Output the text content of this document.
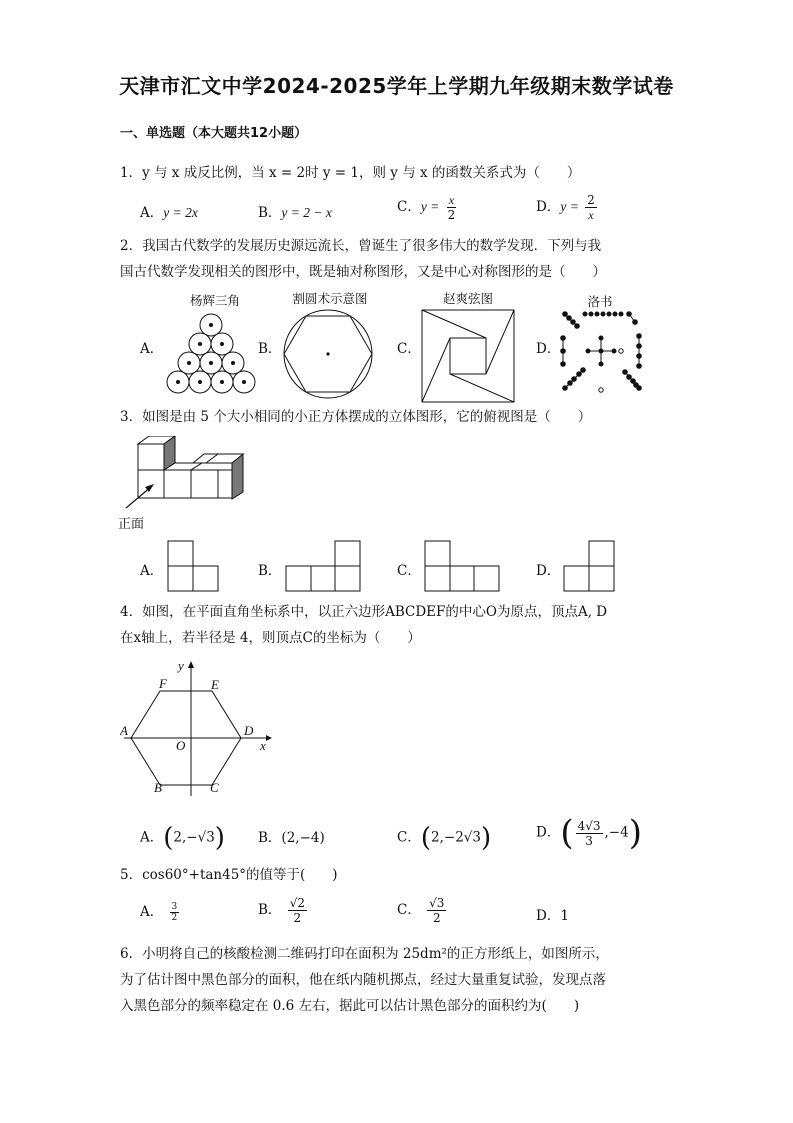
天津市汇文中学2024-2025学年上学期九年级期末数学试卷
一、单选题（本大题共12小题）
1．y 与 x 成反比例，当 x = 2时 y = 1，则 y 与 x 的函数关系式为（　　）
A．y = 2x	B．y = 2 − x	C．$y = \frac{x}{2}$	D．$y = \frac{2}{x}$
2．我国古代数学的发展历史源远流长，曾诞生了很多伟大的数学发现．下列与我
国古代数学发现相关的图形中，既是轴对称图形，又是中心对称图形的是（　　）
杨辉三角	割圆术示意图	赵爽弦图	洛书
A．	B．	C．	D．
3．如图是由 5 个大小相同的小正方体摆成的立体图形，它的俯视图是（　　）
正面
A．	B．	C．	D．
4．如图，在平面直角坐标系中，以正六边形ABCDEF的中心O为原点，顶点A, D
在x轴上，若半径是 4，则顶点C的坐标为（　　）
y
x
F	E
A	D
O
B	C
A．(2,−√3) B．(2,−4)	C．(2,−2√3)	D．( $\frac{4√3}{3} ,-4$)
5．cos60°+tan45°的值等于(　　)
A． $\frac{3}{2}$	B． $\frac{√2}{2}$	C． $\frac{√3}{2}$	D．1
6．小明将自己的核酸检测二维码打印在面积为 25dm²的正方形纸上，如图所示，
为了估计图中黑色部分的面积，他在纸内随机掷点，经过大量重复试验，发现点落
入黑色部分的频率稳定在 0.6 左右，据此可以估计黑色部分的面积约为(　　)
